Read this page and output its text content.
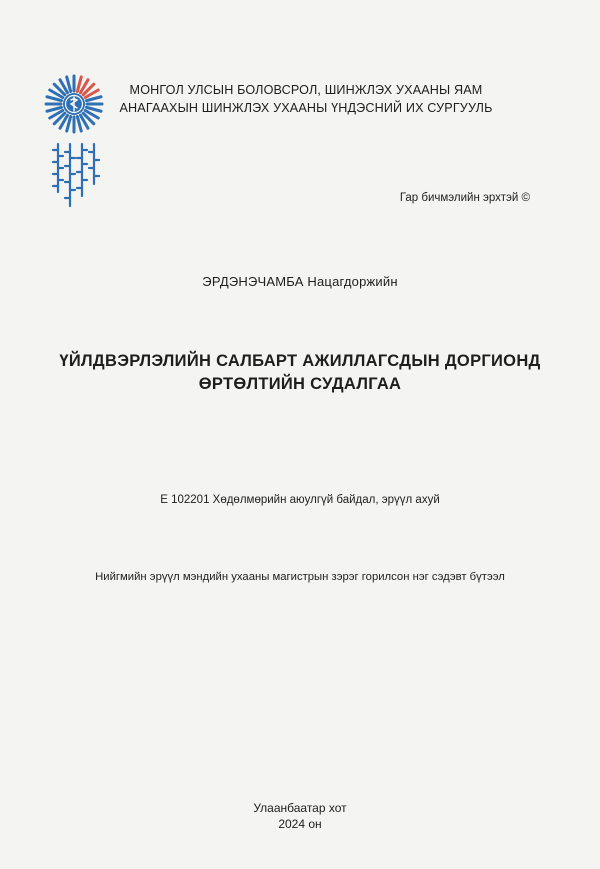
МОНГОЛ УЛСЫН БОЛОВСРОЛ, ШИНЖЛЭХ УХААНЫ ЯАМ
АНАГААХЫН ШИНЖЛЭХ УХААНЫ ҮНДЭСНИЙ ИХ СУРГУУЛЬ
Гар бичмэлийн эрхтэй ©
ЭРДЭНЭЧАМБА Нацагдоржийн
ҮЙЛДВЭРЛЭЛИЙН САЛБАРТ АЖИЛЛАГСДЫН ДОРГИОНД
ӨРТӨЛТИЙН СУДАЛГАА
Е 102201 Хөдөлмөрийн аюулгүй байдал, эрүүл ахуй
Нийгмийн эрүүл мэндийн ухааны магистрын зэрэг горилсон нэг сэдэвт бүтээл
Улаанбаатар хот
2024 он
